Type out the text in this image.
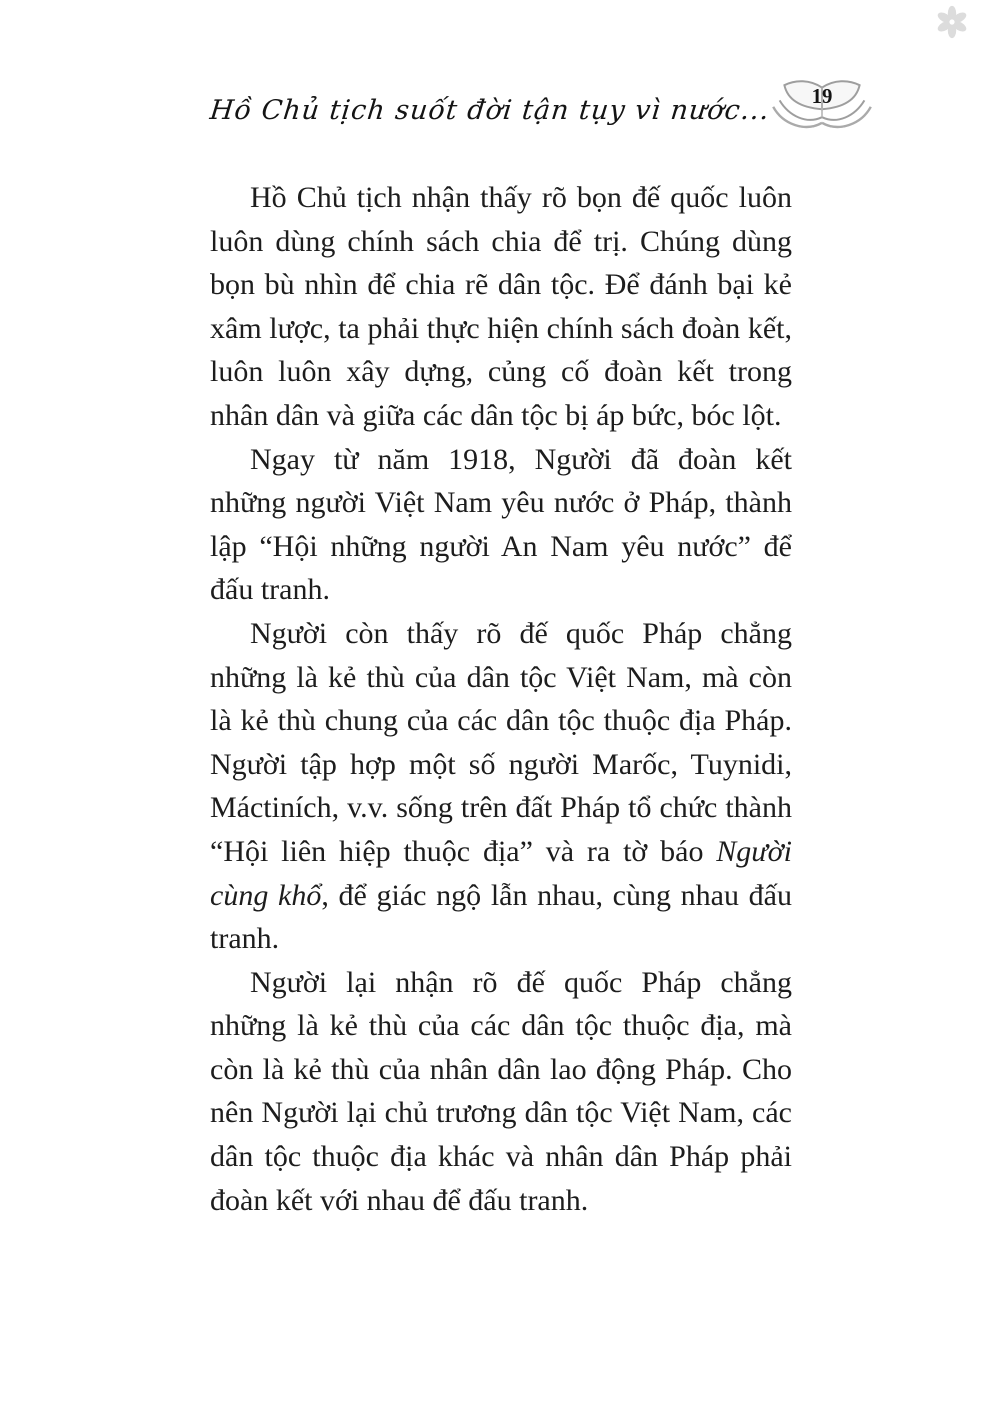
Hồ Chủ tịch suốt đời tận tụy vì nước... 19

Hồ Chủ tịch nhận thấy rõ bọn đế quốc luôn luôn dùng chính sách chia để trị. Chúng dùng bọn bù nhìn để chia rẽ dân tộc. Để đánh bại kẻ xâm lược, ta phải thực hiện chính sách đoàn kết, luôn luôn xây dựng, củng cố đoàn kết trong nhân dân và giữa các dân tộc bị áp bức, bóc lột.

Ngay từ năm 1918, Người đã đoàn kết những người Việt Nam yêu nước ở Pháp, thành lập “Hội những người An Nam yêu nước” để đấu tranh.

Người còn thấy rõ đế quốc Pháp chẳng những là kẻ thù của dân tộc Việt Nam, mà còn là kẻ thù chung của các dân tộc thuộc địa Pháp. Người tập hợp một số người Marốc, Tuynidi, Máctiních, v.v. sống trên đất Pháp tổ chức thành “Hội liên hiệp thuộc địa” và ra tờ báo Người cùng khổ, để giác ngộ lẫn nhau, cùng nhau đấu tranh.

Người lại nhận rõ đế quốc Pháp chẳng những là kẻ thù của các dân tộc thuộc địa, mà còn là kẻ thù của nhân dân lao động Pháp. Cho nên Người lại chủ trương dân tộc Việt Nam, các dân tộc thuộc địa khác và nhân dân Pháp phải đoàn kết với nhau để đấu tranh.
